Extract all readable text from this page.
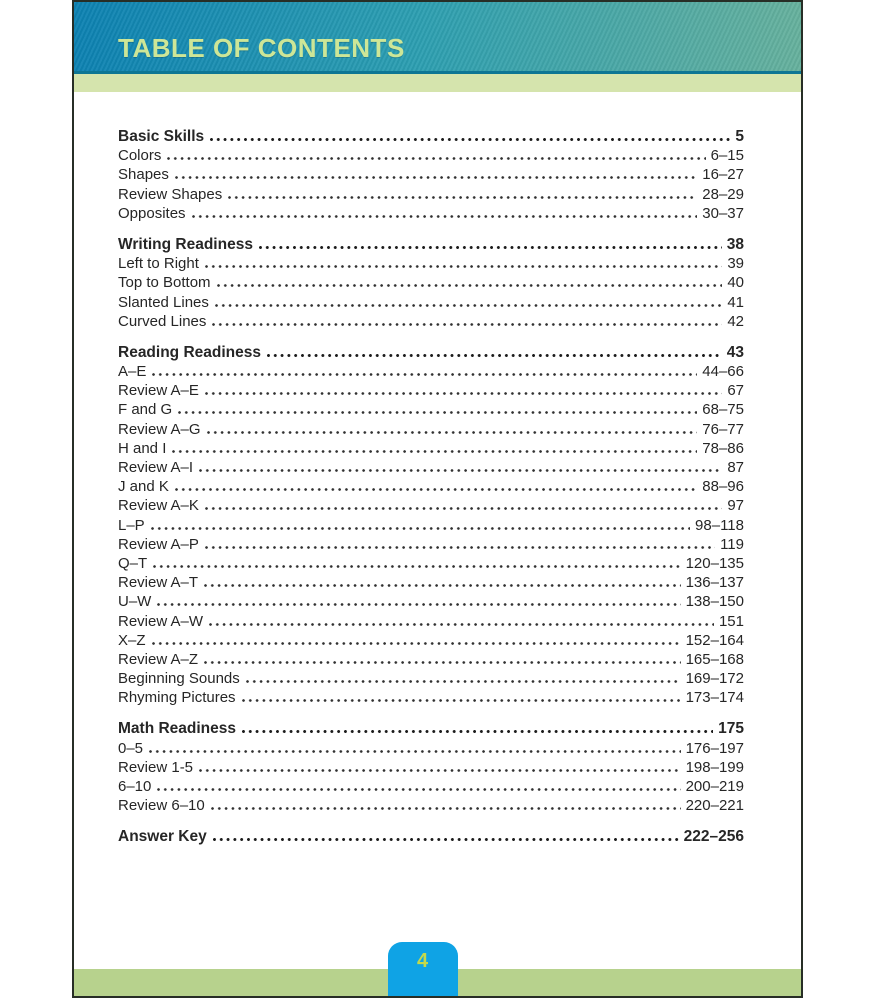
TABLE OF CONTENTS
Basic Skills	5
Colors	6–15
Shapes	16–27
Review Shapes	28–29
Opposites	30–37
Writing Readiness	38
Left to Right	39
Top to Bottom	40
Slanted Lines	41
Curved Lines	42
Reading Readiness	43
A–E	44–66
Review A–E	67
F and G	68–75
Review A–G	76–77
H and I	78–86
Review A–I	87
J and K	88–96
Review A–K	97
L–P	98–118
Review A–P	119
Q–T	120–135
Review A–T	136–137
U–W	138–150
Review A–W	151
X–Z	152–164
Review A–Z	165–168
Beginning Sounds	169–172
Rhyming Pictures	173–174
Math Readiness	175
0–5	176–197
Review 1-5	198–199
6–10	200–219
Review 6–10	220–221
Answer Key	222–256
4
